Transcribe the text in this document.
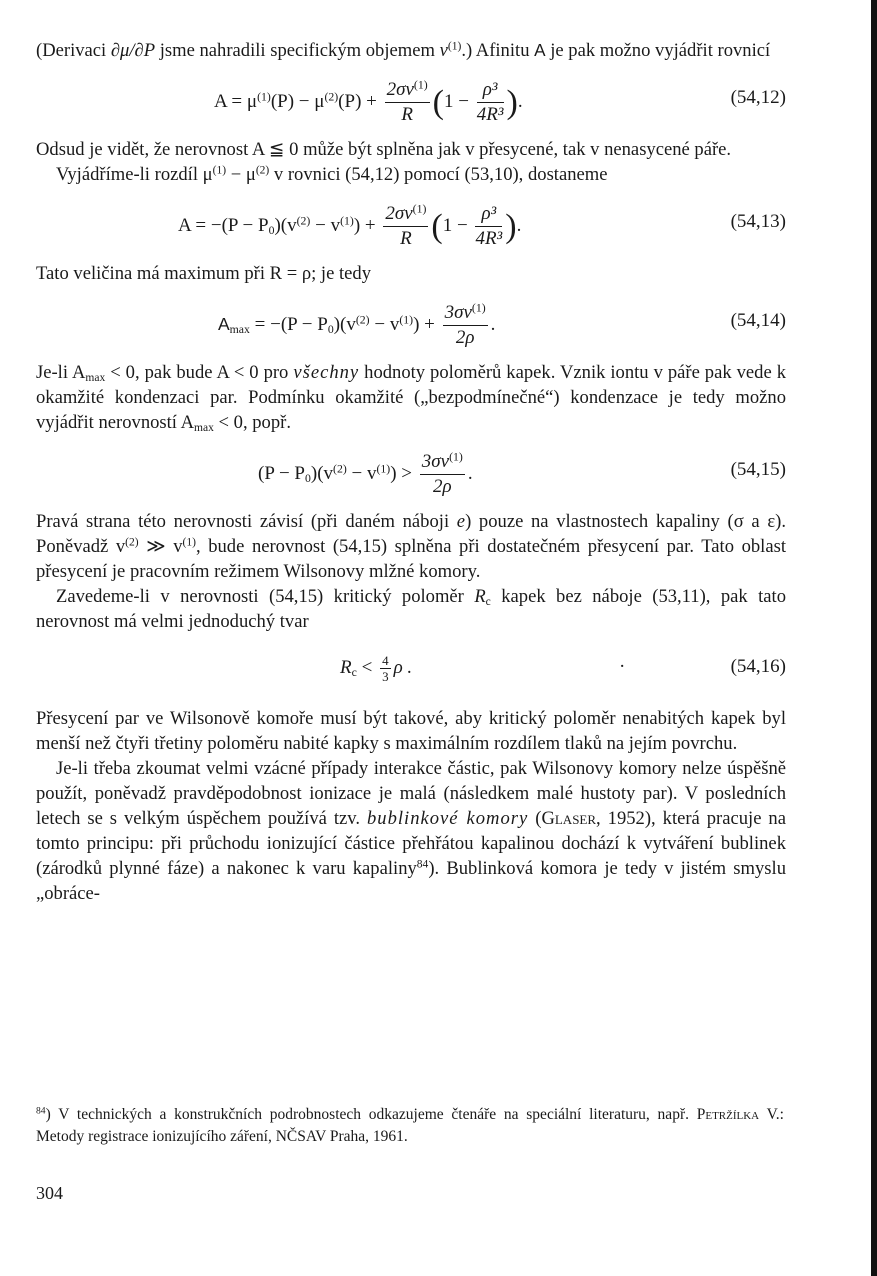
(Derivaci ∂μ/∂P jsme nahradili specifickým objemem $v^{(1)}$.) Afinitu A je pak možno vyjádřit rovnicí

$A = \mu^{(1)}(P) - \mu^{(2)}(P) + \frac{2\sigma v^{(1)}}{R} (1 - \frac{\text{ρ³}}{\text{4R³}}$ ).	(54,12)

Odsud je vidět, že nerovnost A ≦ 0 může být splněna jak v přesycené, tak v nenasycené páře.

Vyjádříme-li rozdíl $\mu^{(1)} - \mu^{(2)}$ v rovnici (54,12) pomocí (53,10), dostaneme

$A = -(P - P_0)(v^{(2)} - v^{(1)}) + \frac{2\sigma v^{(1)}}{R} (1 - \frac{\text{ρ³}}{\text{4R³}}$ ).	(54,13)

Tato veličina má maximum při R = ρ; je tedy

$A_{max} = -(P - P_0)(v^{(2)} - v^{(1)}) + \frac{3\sigma v^{(1)}}{2\rho}$ .	(54,14)

Je-li $A_{max} < 0$, pak bude A < 0 pro všechny hodnoty poloměrů kapek. Vznik iontu v páře pak vede k okamžité kondenzaci par. Podmínku okamžité („bezpodmínečné“) kondenzace je tedy možno vyjádřit nerovností $A_{max} < 0$, popř.

$(P - P_0)(v^{(2)} - v^{(1)}) > \frac{3\sigma v^{(1)}}{2\rho}$ .	(54,15)

Pravá strana této nerovnosti závisí (při daném náboji e) pouze na vlastnostech kapaliny (σ a ε). Poněvadž $v^{(2)}$ ≫ $v^{(1)}$, bude nerovnost (54,15) splněna při dostatečném přesycení par. Tato oblast přesycení je pracovním režimem Wilsonovy mlžné komory.

Zavedeme-li v nerovnosti (54,15) kritický poloměr $R_c$ kapek bez náboje (53,11), pak tato nerovnost má velmi jednoduchý tvar

$R_c < \frac{4}{3}$ ρ .	·	(54,16)

Přesycení par ve Wilsonově komoře musí být takové, aby kritický poloměr nenabitých kapek byl menší než čtyři třetiny poloměru nabité kapky s maximálním rozdílem tlaků na jejím povrchu.

Je-li třeba zkoumat velmi vzácné případy interakce částic, pak Wilsonovy komory nelze úspěšně použít, poněvadž pravděpodobnost ionizace je malá (následkem malé hustoty par). V posledních letech se s velkým úspěchem používá tzv. bublinkové komory (Glaser, 1952), která pracuje na tomto principu: při průchodu ionizující částice přehřátou kapalinou dochází k vytváření bublinek (zárodků plynné fáze) a nakonec k varu kapaliny$^{84}$). Bublinková komora je tedy v jistém smyslu „obráce-

$^{84}$) V technických a konstrukčních podrobnostech odkazujeme čtenáře na speciální literaturu, např. Petržílka V.: Metody registrace ionizujícího záření, NČSAV Praha, 1961.
304
